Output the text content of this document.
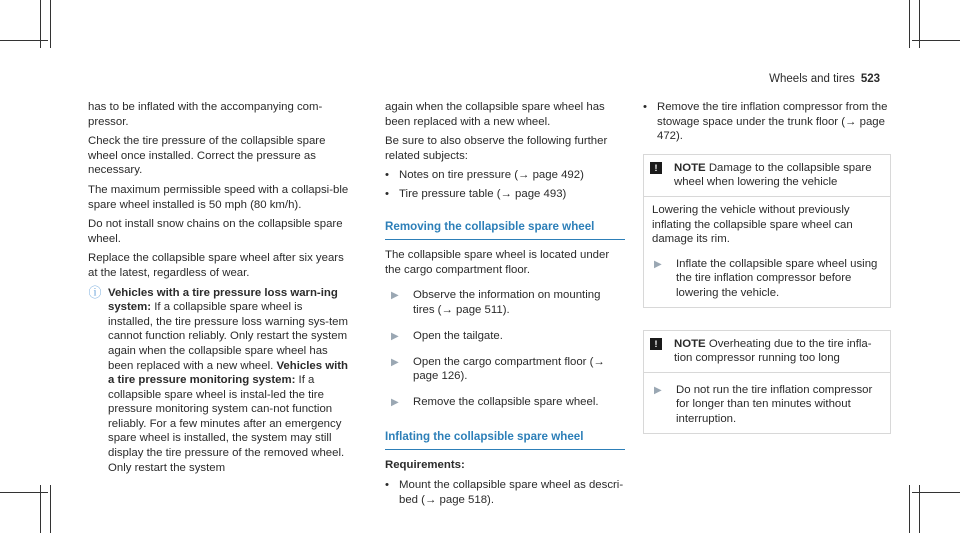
Wheels and tires 523

has to be inflated with the accompanying com-pressor.

Check the tire pressure of the collapsible spare wheel once installed. Correct the pressure as necessary.

The maximum permissible speed with a collapsi-ble spare wheel installed is 50 mph (80 km/h).

Do not install snow chains on the collapsible spare wheel.

Replace the collapsible spare wheel after six years at the latest, regardless of wear.

ⓘ Vehicles with a tire pressure loss warn-ing system: If a collapsible spare wheel is installed, the tire pressure loss warning sys-tem cannot function reliably. Only restart the system again when the collapsible spare wheel has been replaced with a new wheel. Vehicles with a tire pressure monitoring system: If a collapsible spare wheel is instal-led the tire pressure monitoring system can-not function reliably. For a few minutes after an emergency spare wheel is installed, the system may still display the tire pressure of the removed wheel. Only restart the system

again when the collapsible spare wheel has been replaced with a new wheel.

Be sure to also observe the following further related subjects:

• Notes on tire pressure (→ page 492)
• Tire pressure table (→ page 493)
Removing the collapsible spare wheel

The collapsible spare wheel is located under the cargo compartment floor.

▶	Observe the information on mounting tires (→ page 511).
▶	Open the tailgate.
▶	Open the cargo compartment floor (→ page 126).
▶	Remove the collapsible spare wheel.
Inflating the collapsible spare wheel

Requirements:

• Mount the collapsible spare wheel as descri-bed (→ page 518).
• Remove the tire inflation compressor from the stowage space under the trunk floor (→ page 472).
!	NOTE Damage to the collapsible spare wheel when lowering the vehicle

Lowering the vehicle without previously inflating the collapsible spare wheel can damage its rim.

▶	Inflate the collapsible spare wheel using the tire inflation compressor before lowering the vehicle.
!	NOTE Overheating due to the tire infla-tion compressor running too long
▶	Do not run the tire inflation compressor for longer than ten minutes without interruption.
